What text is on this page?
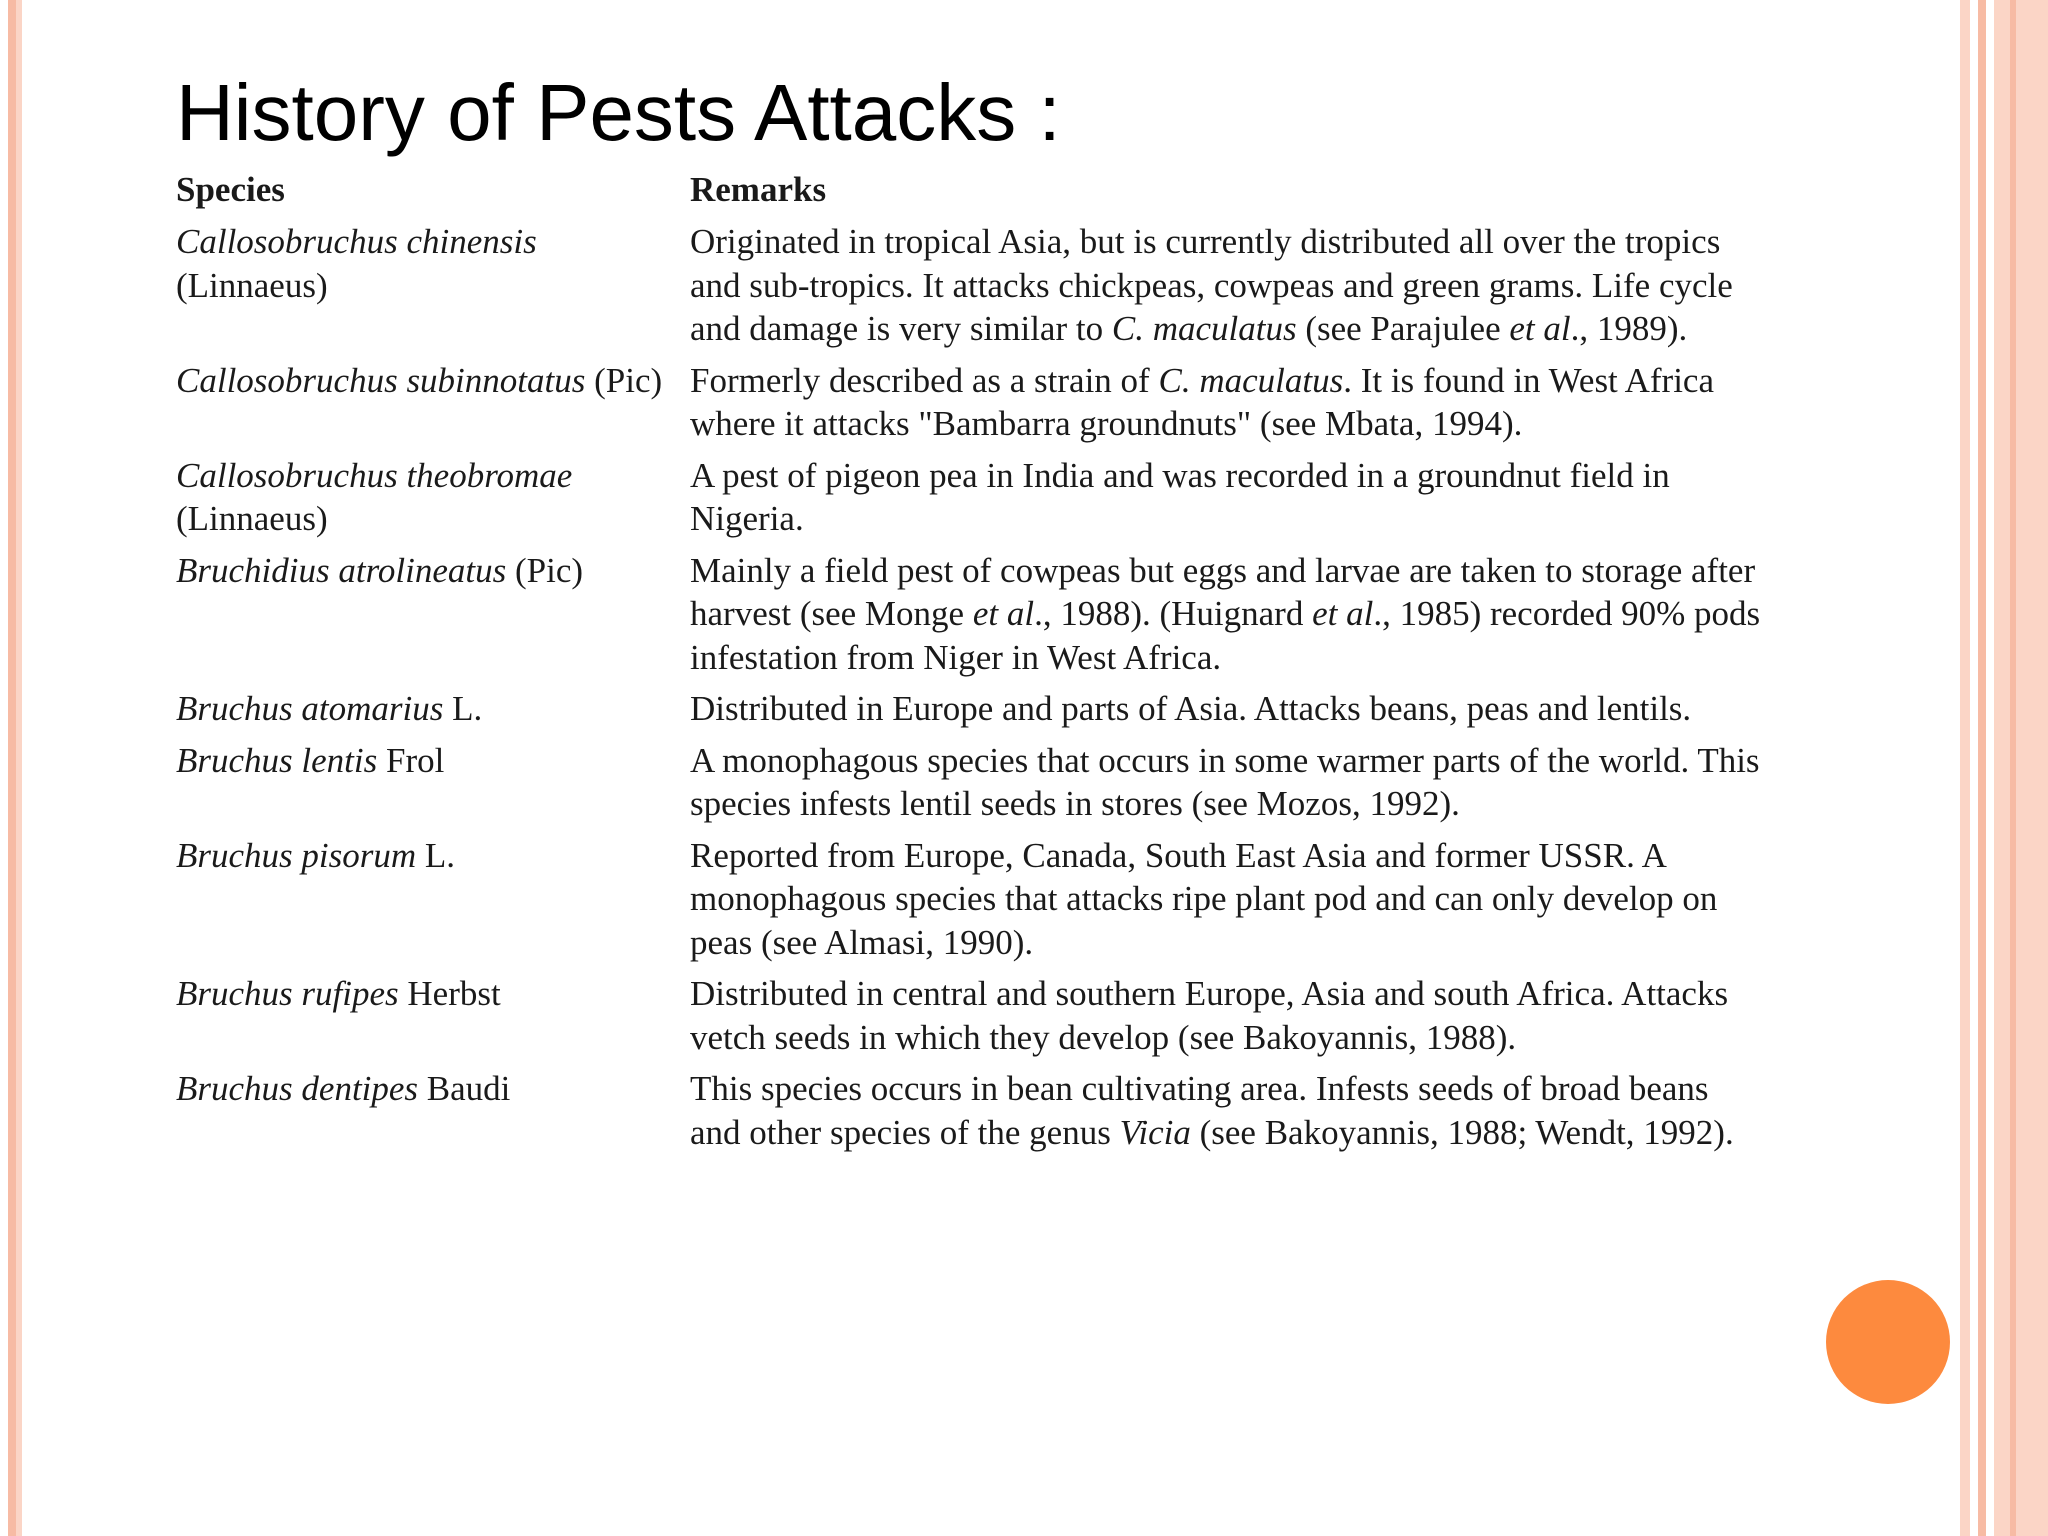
History of Pests Attacks :
Species	Remarks
Callosobruchus chinensis (Linnaeus)	Originated in tropical Asia, but is currently distributed all over the tropics and sub-tropics. It attacks chickpeas, cowpeas and green grams. Life cycle and damage is very similar to C. maculatus (see Parajulee et al., 1989).
Callosobruchus subinnotatus (Pic)	Formerly described as a strain of C. maculatus. It is found in West Africa where it attacks "Bambarra groundnuts" (see Mbata, 1994).
Callosobruchus theobromae (Linnaeus)	A pest of pigeon pea in India and was recorded in a groundnut field in Nigeria.
Bruchidius atrolineatus (Pic)	Mainly a field pest of cowpeas but eggs and larvae are taken to storage after harvest (see Monge et al., 1988). (Huignard et al., 1985) recorded 90% pods infestation from Niger in West Africa.
Bruchus atomarius L.	Distributed in Europe and parts of Asia. Attacks beans, peas and lentils.
Bruchus lentis Frol	A monophagous species that occurs in some warmer parts of the world. This species infests lentil seeds in stores (see Mozos, 1992).
Bruchus pisorum L.	Reported from Europe, Canada, South East Asia and former USSR. A monophagous species that attacks ripe plant pod and can only develop on peas (see Almasi, 1990).
Bruchus rufipes Herbst	Distributed in central and southern Europe, Asia and south Africa. Attacks vetch seeds in which they develop (see Bakoyannis, 1988).
Bruchus dentipes Baudi	This species occurs in bean cultivating area. Infests seeds of broad beans and other species of the genus Vicia (see Bakoyannis, 1988; Wendt, 1992).
